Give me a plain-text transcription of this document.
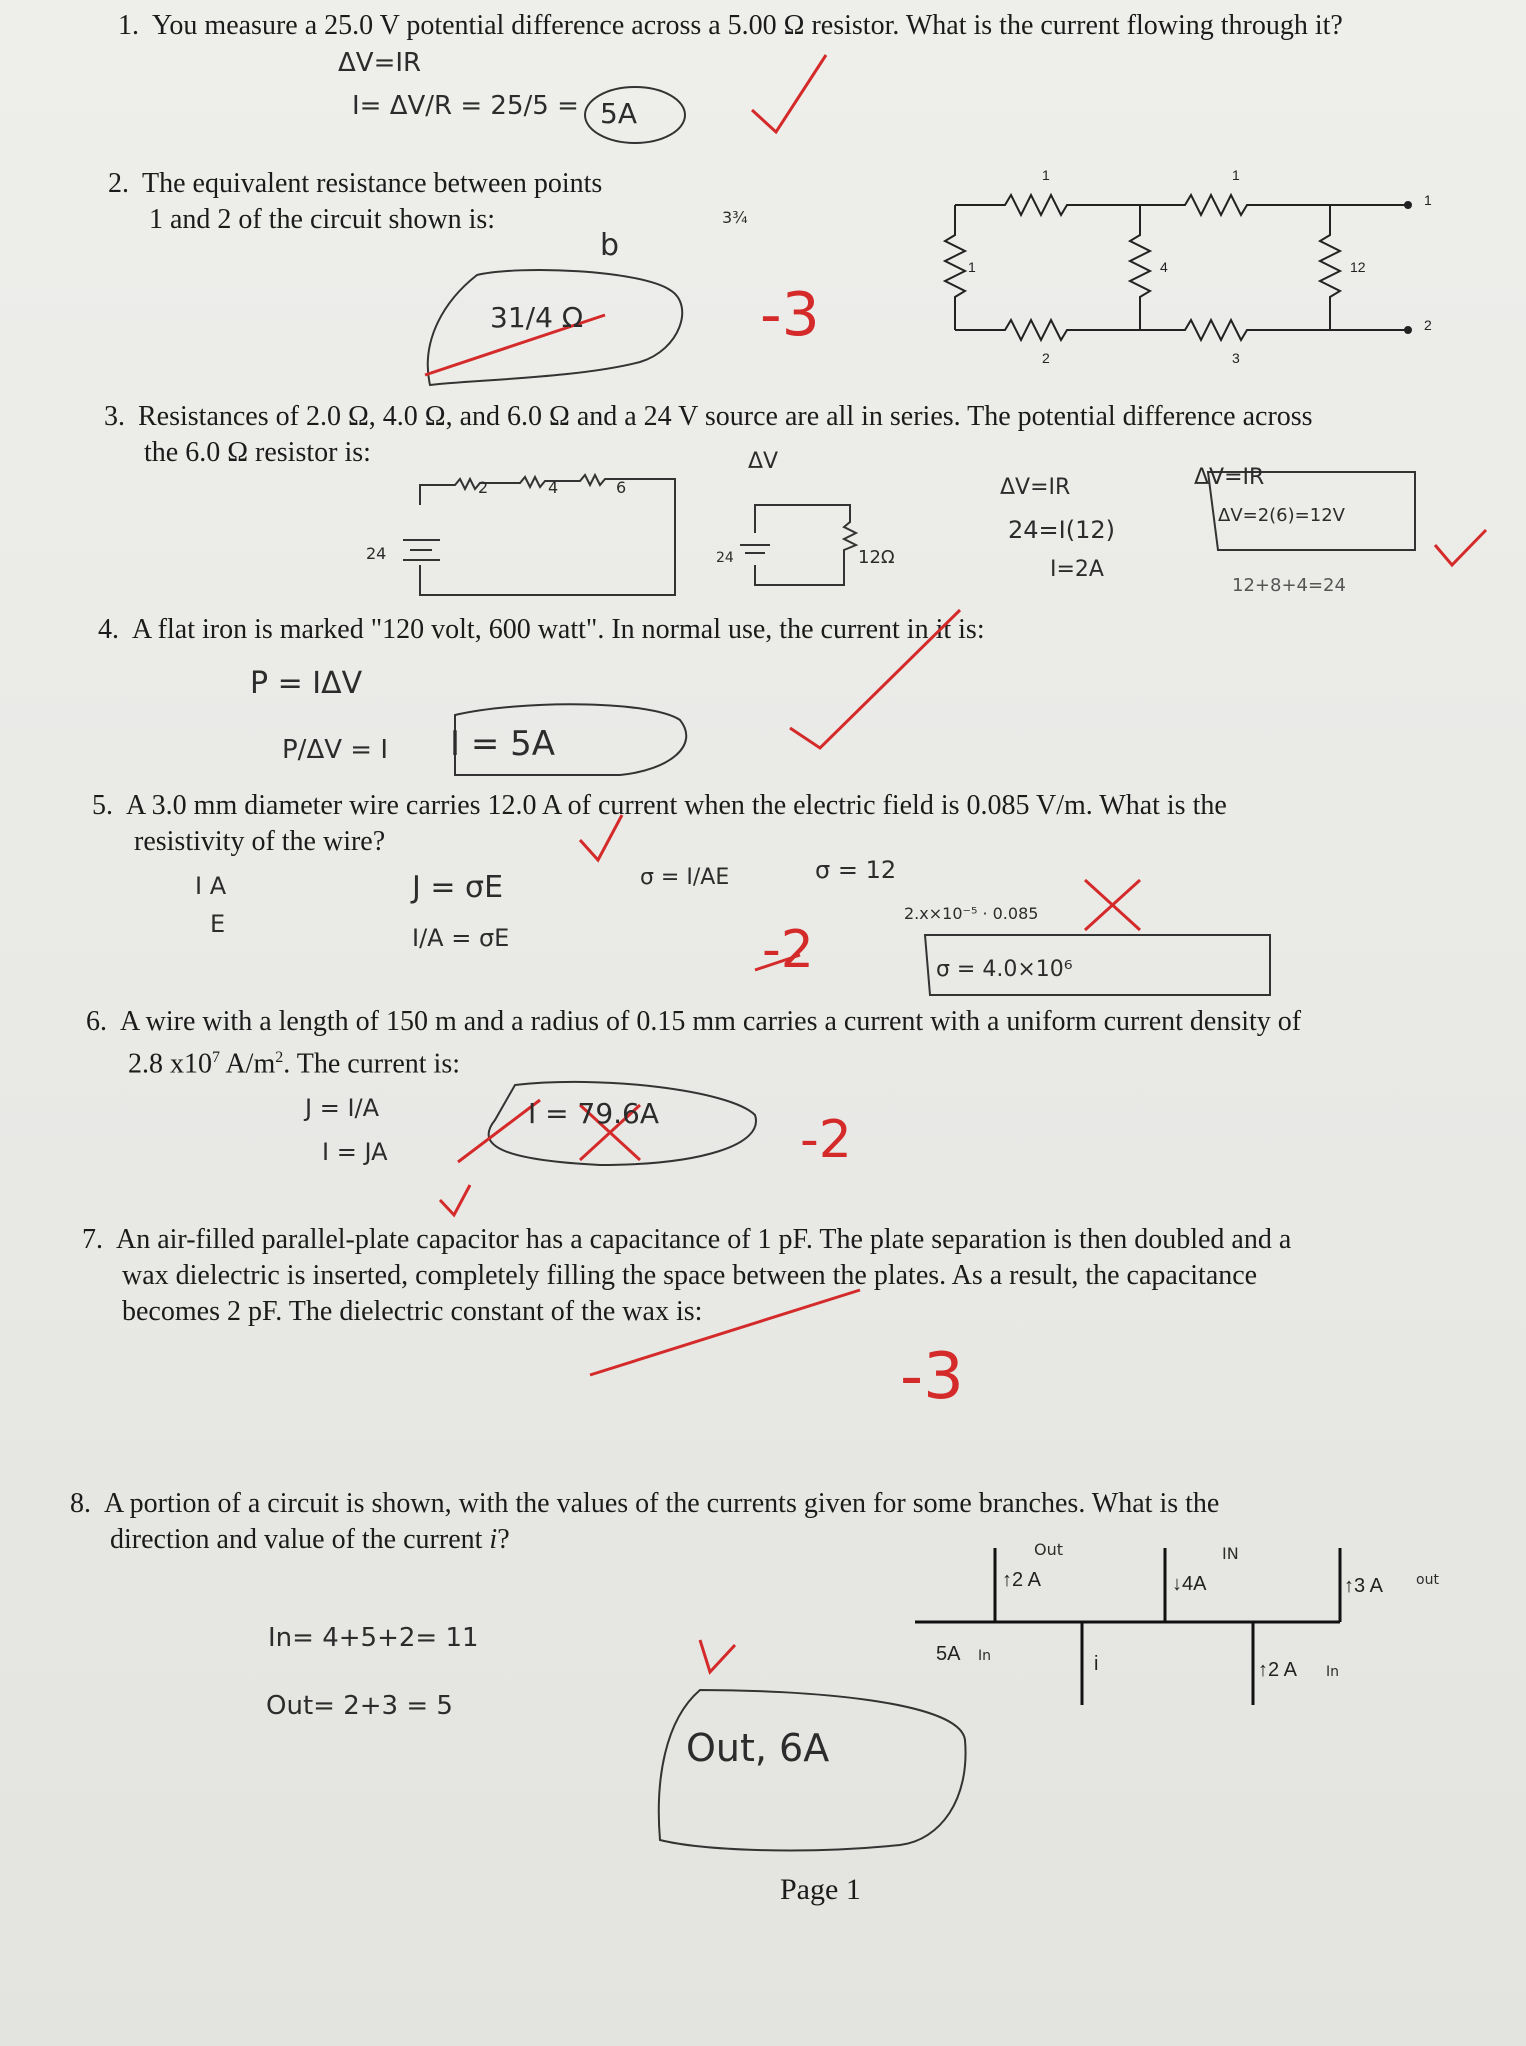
1. You measure a 25.0 V potential difference across a 5.00 Ω resistor. What is the current flowing through it?
2. The equivalent resistance between points
1 and 2 of the circuit shown is:
3. Resistances of 2.0 Ω, 4.0 Ω, and 6.0 Ω and a 24 V source are all in series. The potential difference across
the 6.0 Ω resistor is:
4. A flat iron is marked "120 volt, 600 watt". In normal use, the current in it is:
5. A 3.0 mm diameter wire carries 12.0 A of current when the electric field is 0.085 V/m. What is the
resistivity of the wire?
6. A wire with a length of 150 m and a radius of 0.15 mm carries a current with a uniform current density of
2.8 $x10^7$ $A/m^2$. The current is:
7. An air-filled parallel-plate capacitor has a capacitance of 1 pF. The plate separation is then doubled and a
wax dielectric is inserted, completely filling the space between the plates. As a result, the capacitance
becomes 2 pF. The dielectric constant of the wax is:
8. A portion of a circuit is shown, with the values of the currents given for some branches. What is the
direction and value of the current i?
1	1
1
1	12
4
2	3
2
↑2 A	↓4A	↑3 A
5A	i	↑2 A
ΔV=IR
I= ΔV/R = 25/5 = 5A
31/4 Ω
3¾
b
ΔV=IR
24=I(12)
I=2A
ΔV=IR
ΔV=2(6)=12V
12+8+4=24
24	12Ω
2	4	6
24
ΔV
P = IΔV
P/ΔV = I I = 5A
I A
E
J = σE
I/A = σE
σ = I/AE	σ = 12
2.x×10⁻⁵ · 0.085
σ = 4.0×10⁶
J = I/A
I = JA
I = 79.6A
In= 4+5+2= 11
Out= 2+3 = 5
Out, 6A
Out	IN
out
In
In
-3
-2
-2
-3
Page 1
